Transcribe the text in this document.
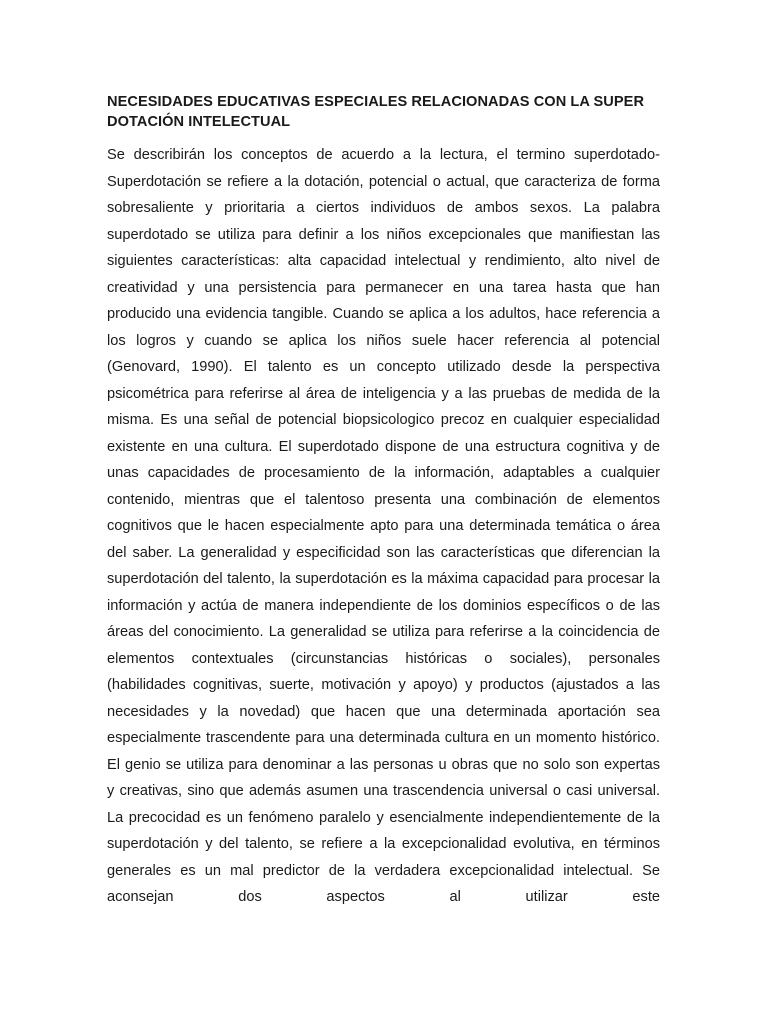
NECESIDADES EDUCATIVAS ESPECIALES RELACIONADAS CON LA SUPER DOTACIÓN INTELECTUAL

Se describirán los conceptos de acuerdo a la lectura, el termino superdotado-Superdotación se refiere a la dotación, potencial o actual, que caracteriza de forma sobresaliente y prioritaria a ciertos individuos de ambos sexos. La palabra superdotado se utiliza para definir a los niños excepcionales que manifiestan las siguientes características: alta capacidad intelectual y rendimiento, alto nivel de creatividad y una persistencia para permanecer en una tarea hasta que han producido una evidencia tangible. Cuando se aplica a los adultos, hace referencia a los logros y cuando se aplica los niños suele hacer referencia al potencial (Genovard, 1990). El talento es un concepto utilizado desde la perspectiva psicométrica para referirse al área de inteligencia y a las pruebas de medida de la misma. Es una señal de potencial biopsicologico precoz en cualquier especialidad existente en una cultura. El superdotado dispone de una estructura cognitiva y de unas capacidades de procesamiento de la información, adaptables a cualquier contenido, mientras que el talentoso presenta una combinación de elementos cognitivos que le hacen especialmente apto para una determinada temática o área del saber. La generalidad y especificidad son las características que diferencian la superdotación del talento, la superdotación es la máxima capacidad para procesar la información y actúa de manera independiente de los dominios específicos o de las áreas del conocimiento. La generalidad se utiliza para referirse a la coincidencia de elementos contextuales (circunstancias históricas o sociales), personales (habilidades cognitivas, suerte, motivación y apoyo) y productos (ajustados a las necesidades y la novedad) que hacen que una determinada aportación sea especialmente trascendente para una determinada cultura en un momento histórico. El genio se utiliza para denominar a las personas u obras que no solo son expertas y creativas, sino que además asumen una trascendencia universal o casi universal. La precocidad es un fenómeno paralelo y esencialmente independientemente de la superdotación y del talento, se refiere a la excepcionalidad evolutiva, en términos generales es un mal predictor de la verdadera excepcionalidad intelectual. Se aconsejan dos aspectos al utilizar este
